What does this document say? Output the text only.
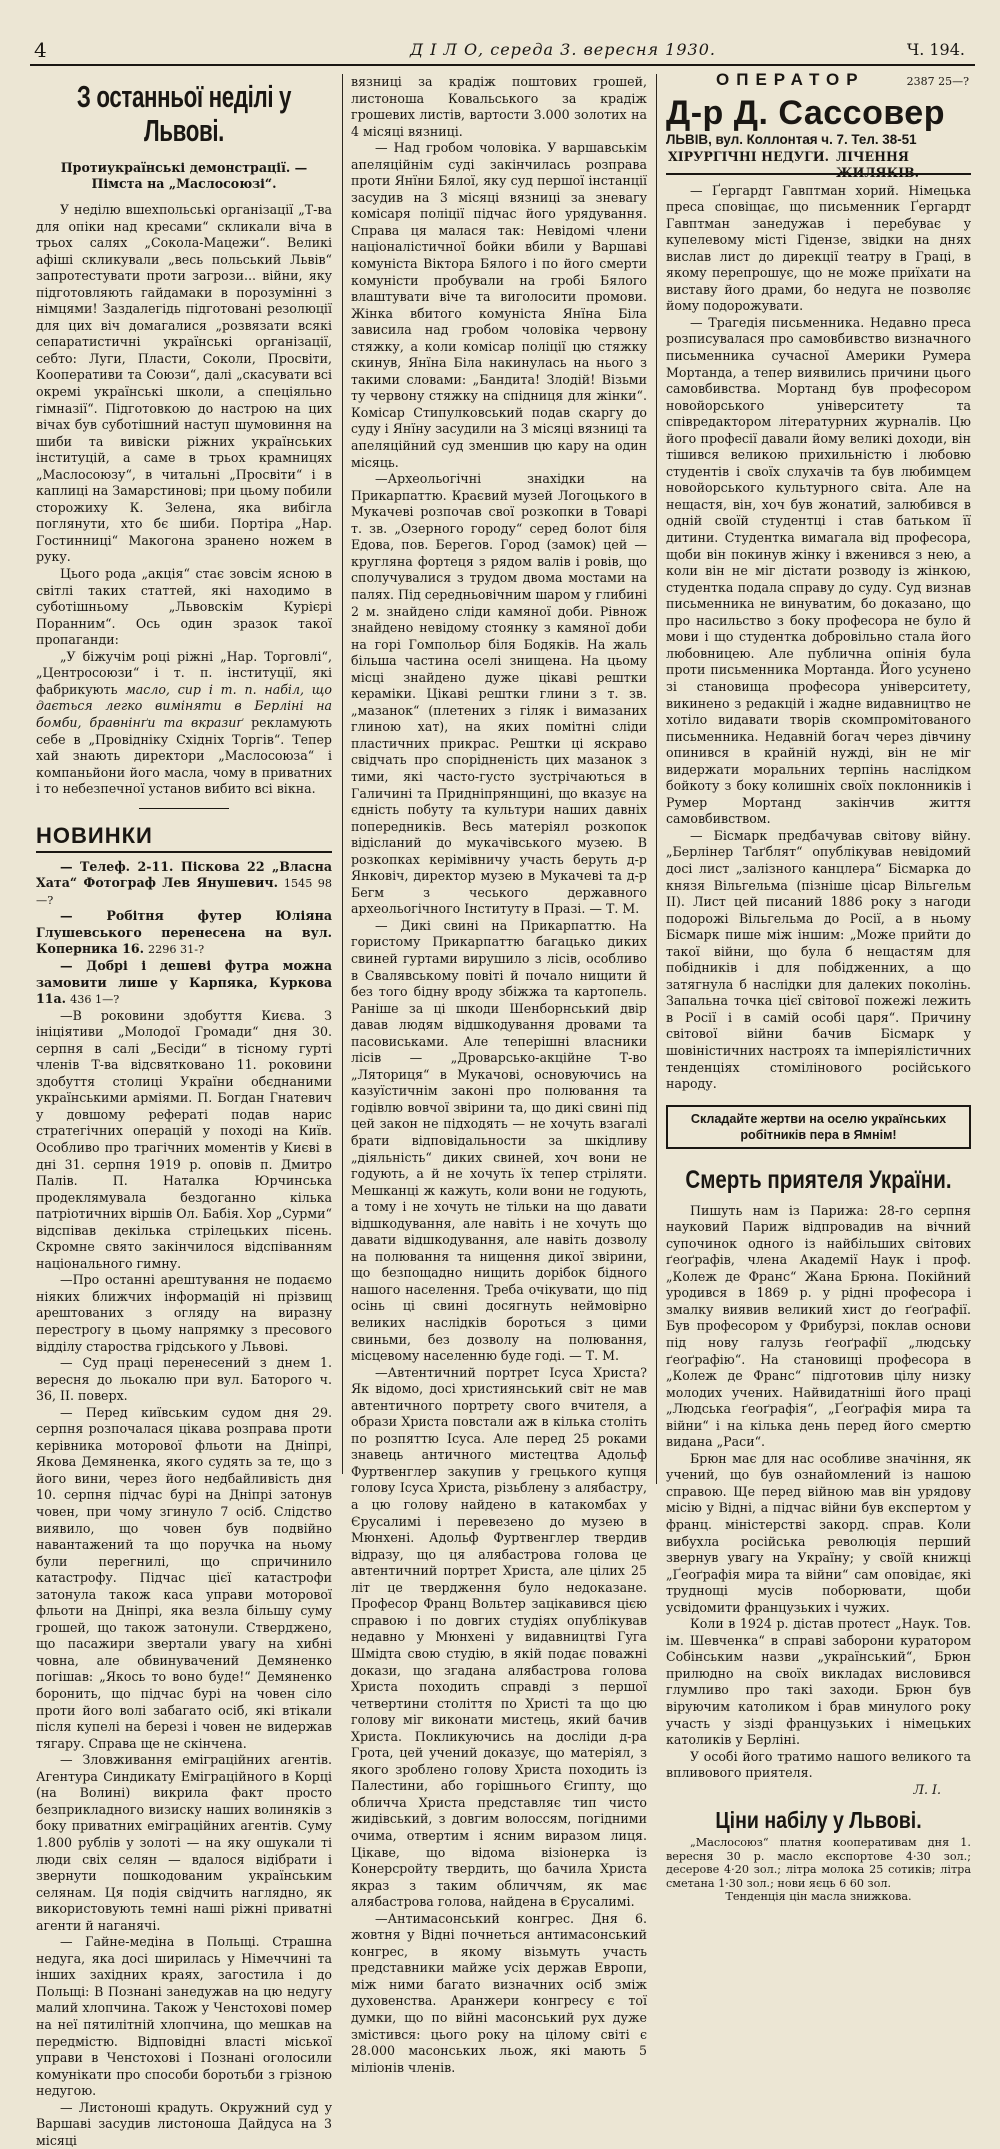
4	Д І Л О, середа 3. вересня 1930.	Ч. 194.
З останньої неділі у Львові.
Протиукраїнські демонстрації. — Пімста на „Маслосоюзі“.

У неділю вшехпольські організації „Т-ва для опіки над кресами“ скликали віча в трьох салях „Сокола-Мацежи“. Великі афіші скликували „весь польський Львів“ запротестувати проти загрози... війни, яку підготовляють гайдамаки в порозумінні з німцями! Заздалегідь підготовані резолюції для цих віч домагалися „розвязати всякі сепаратистичні українські організації, себто: Луги, Пласти, Соколи, Просвіти, Кооперативи та Союзи“, далі „скасувати всі окремі українські школи, а спеціяльно гімназії“. Підготовкою до настрою на цих вічах був суботішний наступ шумовиння на шиби та вивіски ріжних українських інституцій, а саме в трьох крамницях „Маслосоюзу“, в читальні „Просвіти“ і в каплиці на Замарстинові; при цьому побили сторожиху К. Зелена, яка вибігла поглянути, хто бє шиби. Портіра „Нар. Гостинниці“ Макогона зранено ножем в руку.

Цього рода „акція“ стає зовсім ясною в світлі таких статтей, які находимо в суботішньому „Львовскім Курієрі Поранним“. Ось один зразок такої пропаганди:

„У біжучім році ріжні „Нар. Торговлі“, „Центросоюзи“ і т. п. інституції, які фабрикують масло, сир і т. п. набіл, що дається легко виміняти в Берліні на бомби, бравнінґи та вкразиґ рекламують себе в „Провідніку Східніх Торгів“. Тепер хай знають директори „Маслосоюза“ і компаньйони його масла, чому в приватних і то небезпечної установ вибито всі вікна.

НОВИНКИ

— Телеф. 2-11. Піскова 22 „Власна Хата“ Фотограф Лев Янушевич. 1545 98—?

— Робітня футер Юліяна Глушевського перенесена на вул. Коперника 16. 2296 31-?

— Добрі і дешеві футра можна замовити лише у Карпяка, Куркова 11а. 436 1—?

—В роковини здобуття Києва. З ініціятиви „Молодої Громади“ дня 30. серпня в салі „Бесіди“ в тісному гурті членів Т-ва відсвятковано 11. роковини здобуття столиці України обєднаними українськими арміями. П. Богдан Гнатевич у довшому рефераті подав нарис стратегічних операцій у поході на Київ. Особливо про трагічних моментів у Києві в дні 31. серпня 1919 р. оповів п. Дмитро Палів. П. Наталка Юрчинська продеклямувала бездоганно кілька патріотичних віршів Ол. Бабія. Хор „Сурми“ відспівав декілька стрілецьких пісень. Скромне свято закінчилося відспіванням національного гимну.

—Про останні арештування не подаємо ніяких ближчих інформацій ні прізвищ арештованих з огляду на виразну перестрогу в цьому напрямку з пресового відділу староства грідського у Львові.

— Суд праці перенесений з днем 1. вересня до льокалю при вул. Баторого ч. 36, II. поверх.

— Перед київським судом дня 29. серпня розпочалася цікава розправа проти керівника моторової фльоти на Дніпрі, Якова Демяненка, якого судять за те, що з його вини, через його недбайливість дня 10. серпня підчас бурі на Дніпрі затонув човен, при чому згинуло 7 осіб. Слідство виявило, що човен був подвійно навантажений та що поручка на ньому були перегнилі, що спричинило катастрофу. Підчас цієї катастрофи затонула також каса управи моторової фльоти на Дніпрі, яка везла більшу суму грошей, що також затонули. Стверджено, що пасажири звертали увагу на хибні човна, але обвинувачений Демяненко погішав: „Якось то воно буде!“ Демяненко боронить, що підчас бурі на човен сіло проти його волі забагато осіб, які втікали після купелі на березі і човен не видержав тягару. Справа ще не скінчена.

— Зловживання еміграційних агентів. Агентура Синдикату Еміграційного в Корці (на Волині) викрила факт просто безприкладного визиску наших волиняків з боку приватних еміграційних агентів. Суму 1.800 рублів у золоті — на яку ошукали ті люди свіх селян — вдалося відібрати і звернути пошкодованим українським селянам. Ця подія свідчить наглядно, як використовують темні наші ріжні приватні агенти й наганячі.

— Гайне-медіна в Польщі. Страшна недуга, яка досі ширилась у Німеччині та інших західних краях, загостила і до Польщі: В Познані занедужав на цю недугу малий хлопчина. Також у Ченстохові помер на неї пятилітній хлопчина, що мешкав на передмістю. Відповідні власті міської управи в Ченстохові і Познані оголосили комунікати про способи боротьби з грізною недугою.

— Листоноші крадуть. Окружний суд у Варшаві засудив листоноша Дайдуса на 3 місяці

вязниці за крадіж поштових грошей, листоноша Ковальського за крадіж грошевих листів, вартости 3.000 золотих на 4 місяці вязниці.

— Над гробом чоловіка. У варшавськім апеляційнім суді закінчилась розправа проти Янїни Бялої, яку суд першої інстанції засудив на 3 місяці вязниці за зневагу комісаря поліції підчас його урядування. Справа ця малася так: Невідомі члени націоналістичної бойки вбили у Варшаві комуніста Віктора Бялого і по його смерти комуністи пробували на гробі Бялого влаштувати віче та виголосити промови. Жінка вбитого комуніста Янїна Біла зависила над гробом чоловіка червону стяжку, а коли комісар поліції цю стяжку скинув, Янїна Біла накинулась на нього з такими словами: „Бандита! Злодій! Візьми ту червону стяжку на спідниця для жінки“. Комісар Стипулковський подав скаргу до суду і Янїну засудили на 3 місяці вязниці та апеляційний суд зменшив цю кару на один місяць.

—Археольогічні знахідки на Прикарпаттю. Краєвий музей Логоцького в Мукачеві розпочав свої розкопки в Товарі т. зв. „Озерного городу“ серед болот біля Едова, пов. Берегов. Город (замок) цей — кругляна фортеця з рядом валів і ровів, що сполучувалися з трудом двома мостами на палях. Під середньовічним шаром у глибині 2 м. знайдено сліди камяної доби. Рівнож знайдено невідому стоянку з камяної доби на горі Гомпольор біля Бодяків. На жаль більша частина оселі знищена. На цьому місці знайдено дуже цікаві рештки кераміки. Цікаві рештки глини з т. зв. „мазанок“ (плетених з гіляк і вимазаних глиною хат), на яких помітні сліди пластичних прикрас. Рештки ці яскраво свідчать про спорідненість цих мазанок з тими, які часто-густо зустрічаються в Галичині та Придніпрянщині, що вказує на єдність побуту та культури наших давніх попередників. Весь матеріял розкопок відісланий до мукачівського музею. В розкопках керімівничу участь беруть д-р Янковіч, директор музею в Мукачеві та д-р Бегм з чеського державного археольогічного Інституту в Празі. — Т. М.

— Дикі свині на Прикарпаттю. На гористому Прикарпаттю багацько диких свиней гуртами вирушило з лісів, особливо в Свалявському повіті й почало нищити й без того бідну вроду збіжжа та картопель. Раніше за ці шкоди Шенборнський двір давав людям відшкодування дровами та пасовиськами. Але теперішні власники лісів — „Дроварсько-акційне Т-во „Ляториця“ в Мукачові, основуючись на казуїстичнім законі про полювання та годівлю вовчої звірини та, що дикі свині під цей закон не підходять — не хочуть взагалі брати відповідальности за шкідливу „діяльність“ диких свиней, хоч вони не годують, а й не хочуть їх тепер стріляти. Мешканці ж кажуть, коли вони не годують, а тому і не хочуть не тільки на що давати відшкодування, але навіть і не хочуть що давати відшкодування, але навіть дозволу на полювання та нищення дикої звірини, що безпощадно нищить дорібок бідного нашого населення. Треба очікувати, що під осінь ці свині досягнуть неймовірно великих наслідків бороться з цими свиньми, без дозволу на полювання, місцевому населенню буде годі. — Т. М.

—Автентичний портрет Ісуса Христа? Як відомо, досі християнський світ не мав автентичного портрету свого вчителя, а образи Христа повстали аж в кілька століть по розпяттю Ісуса. Але перед 25 роками знавець античного мистецтва Адольф Фуртвенглер закупив у грецького купця голову Ісуса Христа, різьблену з алябастру, а цю голову найдено в катакомбах у Єрусалимі і перевезено до музею в Мюнхені. Адольф Фуртвенглер твердив відразу, що ця алябастрова голова це автентичний портрет Христа, але цілих 25 літ це твердження було недоказане. Професор Франц Вольтер зацікавився цією справою і по довгих студіях опублікував недавно у Мюнхені у видавництві Гуга Шмідта свою студію, в якій подає поважні докази, що згадана алябастрова голова Христа походить справді з першої четвертини століття по Христі та що цю голову міг виконати мистець, який бачив Христа. Покликуючись на досліди д-ра Грота, цей учений доказує, що матеріял, з якого зроблено голову Христа походить із Палестини, або горішнього Єгипту, що обличча Христа представляє тип чисто жидівський, з довгим волоссям, погідними очима, отвертим і ясним виразом лиця. Цікаве, що відома візіонерка із Конерсройту твердить, що бачила Христа якраз з таким обличчям, як має алябастрова голова, найдена в Єрусалимі.

—Антимасонський конгрес. Дня 6. жовтня у Відні почнеться антимасонський конгрес, в якому візьмуть участь представники майже усіх держав Европи, між ними багато визначних осіб зміж духовенства. Аранжери конгресу є тої думки, що по війні масонський рух дуже змістився: цього року на цілому світі є 28.000 масонських льож, які мають 5 міліонів членів.

ОПЕРАТОР	2387 25—?
Д-р Д. Сассовер
ЛЬВІВ, вул. Коллонтая ч. 7. Тел. 38-51
ХІРУРГІЧНІ НЕДУГИ. ЛІЧЕННЯ ЖИЛЯКІВ.

— Ґергардт Гавптман хорий. Німецька преса сповіщає, що письменник Ґергардт Гавптман занедужав і перебуває у купелевому місті Гідензе, звідки на днях вислав лист до дирекції театру в Граці, в якому перепрошує, що не може приїхати на виставу його драми, бо недуга не позволяє йому подорожувати.

— Трагедія письменника. Недавно преса розписувалася про самовбивство визначного письменника сучасної Америки Румера Мортанда, а тепер виявились причини цього самовбивства. Мортанд був професором новойорського університету та співредактором літературних журналів. Цю його професії давали йому великі доходи, він тішився великою прихильністю і любовю студентів і своїх слухачів та був любимцем новойорського культурного світа. Але на нещастя, він, хоч був жонатий, залюбився в одній своїй студентці і став батьком її дитини. Студентка вимагала від професора, щоби він покинув жінку і вженився з нею, а коли він не міг дістати розводу із жінкою, студентка подала справу до суду. Суд визнав письменника не винуватим, бо доказано, що про насильство з боку професора не було й мови і що студентка добровільно стала його любовницею. Але публична опінія була проти письменника Мортанда. Його усунено зі становища професора університету, викинено з редакцій і жадне видавництво не хотіло видавати творів скомпромітованого письменника. Недавній богач через дівчину опинився в крайній нужді, він не міг видержати моральних терпінь наслідком бойкоту з боку колишніх своїх поклонників і Румер Мортанд закінчив життя самовбивством.

— Бісмарк предбачував світову війну. „Берлінер Таґблят“ опублікував невідомий досі лист „залізного канцлера“ Бісмарка до князя Вільгельма (пізніше цісар Вільгельм II). Лист цей писаний 1886 року з нагоди подорожі Вільгельма до Росії, а в ньому Бісмарк пише між іншим: „Може прийти до такої війни, що була б нещастям для побідників і для побідженних, а що затягнула б наслідки для далеких поколінь. Запальна точка цієї світової пожежі лежить в Росії і в самій особі царя“. Причину світової війни бачив Бісмарк у шовіністичних настроях та імперіялістичних тенденціях стомілінового російського народу.

Складайте жертви на оселю українських робітників пера в Ямнім!
Смерть приятеля України.

Пишуть нам із Парижа: 28-го серпня науковий Париж відпровадив на вічний супочинок одного із найбільших світових ґеоґрафів, члена Академії Наук і проф. „Колеж де Франс“ Жана Брюна. Покійний уродився в 1869 р. у рідні професора і змалку виявив великий хист до ґеоґрафії. Був професором у Фрибурзі, поклав основи під нову галузь ґеоґрафії „людську ґеоґрафію“. На становищі професора в „Колеж де Франс“ підготовив цілу низку молодих учених. Найвидатніші його праці „Людська ґеоґрафія“, „Ґеоґрафія мира та війни“ і на кілька день перед його смертю видана „Раси“.

Брюн має для нас особливе значіння, як учений, що був ознайомлений із нашою справою. Ще перед війною мав він урядову місію у Відні, а підчас війни був експертом у франц. міністерстві закорд. справ. Коли вибухла російська революція перший звернув увагу на Україну; у своїй книжці „Ґеоґрафія мира та війни“ сам оповідає, які труднощі мусів поборювати, щоби усвідомити французьких і чужих.

Коли в 1924 р. дістав протест „Наук. Тов. ім. Шевченка“ в справі заборони куратором Собінським назви „український“, Брюн прилюдно на своїх викладах висловився глумливо про такі заходи. Брюн був віруючим католиком і брав минулого року участь у зізді французьких і німецьких католиків у Берліні.

У особі його тратимо нашого великого та впливового приятеля.

Л. І.
Ціни набілу у Львові.

„Маслосоюз“ платня кооперативам дня 1. вересня 30 р. масло експортове 4·30 зол.; десерове 4·20 зол.; літра молока 25 сотиків; літра сметана 1·30 зол.; нови яєць 6 60 зол.

Тенденція цін масла знижкова.
